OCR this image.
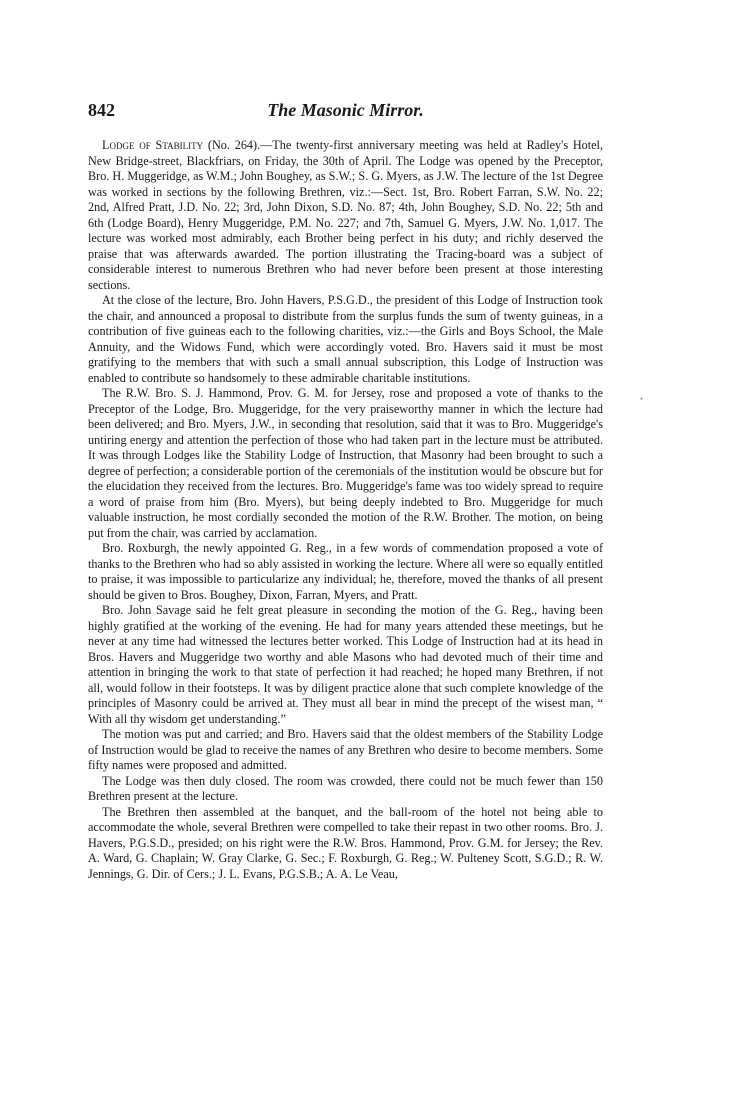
842	The Masonic Mirror.

Lodge of Stability (No. 264).—The twenty-first anniversary meeting was held at Radley's Hotel, New Bridge-street, Blackfriars, on Friday, the 30th of April. The Lodge was opened by the Preceptor, Bro. H. Muggeridge, as W.M.; John Boughey, as S.W.; S. G. Myers, as J.W. The lecture of the 1st Degree was worked in sections by the following Brethren, viz.:—Sect. 1st, Bro. Robert Farran, S.W. No. 22; 2nd, Alfred Pratt, J.D. No. 22; 3rd, John Dixon, S.D. No. 87; 4th, John Boughey, S.D. No. 22; 5th and 6th (Lodge Board), Henry Muggeridge, P.M. No. 227; and 7th, Samuel G. Myers, J.W. No. 1,017. The lecture was worked most admirably, each Brother being perfect in his duty; and richly deserved the praise that was afterwards awarded. The portion illustrating the Tracing-board was a subject of considerable interest to numerous Brethren who had never before been present at those interesting sections.

At the close of the lecture, Bro. John Havers, P.S.G.D., the president of this Lodge of Instruction took the chair, and announced a proposal to distribute from the surplus funds the sum of twenty guineas, in a contribution of five guineas each to the following charities, viz.:—the Girls and Boys School, the Male Annuity, and the Widows Fund, which were accordingly voted. Bro. Havers said it must be most gratifying to the members that with such a small annual subscription, this Lodge of Instruction was enabled to contribute so handsomely to these admirable charitable institutions.

The R.W. Bro. S. J. Hammond, Prov. G. M. for Jersey, rose and proposed a vote of thanks to the Preceptor of the Lodge, Bro. Muggeridge, for the very praiseworthy manner in which the lecture had been delivered; and Bro. Myers, J.W., in seconding that resolution, said that it was to Bro. Muggeridge's untiring energy and attention the perfection of those who had taken part in the lecture must be attributed. It was through Lodges like the Stability Lodge of Instruction, that Masonry had been brought to such a degree of perfection; a considerable portion of the ceremonials of the institution would be obscure but for the elucidation they received from the lectures. Bro. Muggeridge's fame was too widely spread to require a word of praise from him (Bro. Myers), but being deeply indebted to Bro. Muggeridge for much valuable instruction, he most cordially seconded the motion of the R.W. Brother. The motion, on being put from the chair, was carried by acclamation.

Bro. Roxburgh, the newly appointed G. Reg., in a few words of commendation proposed a vote of thanks to the Brethren who had so ably assisted in working the lecture. Where all were so equally entitled to praise, it was impossible to particularize any individual; he, therefore, moved the thanks of all present should be given to Bros. Boughey, Dixon, Farran, Myers, and Pratt.

Bro. John Savage said he felt great pleasure in seconding the motion of the G. Reg., having been highly gratified at the working of the evening. He had for many years attended these meetings, but he never at any time had witnessed the lectures better worked. This Lodge of Instruction had at its head in Bros. Havers and Muggeridge two worthy and able Masons who had devoted much of their time and attention in bringing the work to that state of perfection it had reached; he hoped many Brethren, if not all, would follow in their footsteps. It was by diligent practice alone that such complete knowledge of the principles of Masonry could be arrived at. They must all bear in mind the precept of the wisest man, “ With all thy wisdom get understanding.”

The motion was put and carried; and Bro. Havers said that the oldest members of the Stability Lodge of Instruction would be glad to receive the names of any Brethren who desire to become members. Some fifty names were proposed and admitted.

The Lodge was then duly closed. The room was crowded, there could not be much fewer than 150 Brethren present at the lecture.

The Brethren then assembled at the banquet, and the ball-room of the hotel not being able to accommodate the whole, several Brethren were compelled to take their repast in two other rooms. Bro. J. Havers, P.G.S.D., presided; on his right were the R.W. Bros. Hammond, Prov. G.M. for Jersey; the Rev. A. Ward, G. Chaplain; W. Gray Clarke, G. Sec.; F. Roxburgh, G. Reg.; W. Pulteney Scott, S.G.D.; R. W. Jennings, G. Dir. of Cers.; J. L. Evans, P.G.S.B.; A. A. Le Veau,

•
